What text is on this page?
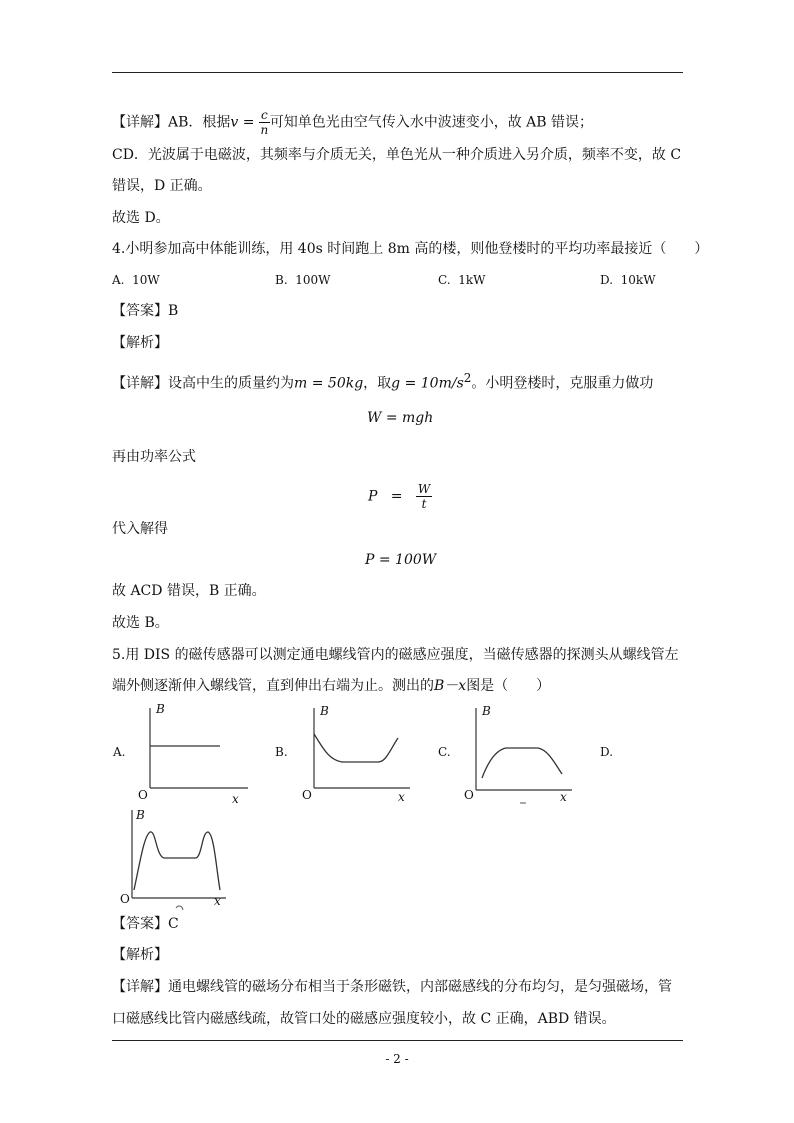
【详解】AB．根据$v = \frac{c}{n}$ 可知单色光由空气传入水中波速变小，故 AB 错误；
CD．光波属于电磁波，其频率与介质无关，单色光从一种介质进入另介质，频率不变，故 C
错误，D 正确。
故选 D。
4.小明参加高中体能训练，用 40s 时间跑上 8m 高的楼，则他登楼时的平均功率最接近（　　）
A. 10W	B. 100W	C. 1kW	D. 10kW
【答案】B
【解析】
【详解】设高中生的质量约为m = 50kg，取$g = 10m/s^2$。小明登楼时，克服重力做功
W = mgh
再由功率公式
$P = \frac{W}{t}$
代入解得
P = 100W
故 ACD 错误，B 正确。
故选 B。
5.用 DIS 的磁传感器可以测定通电螺线管内的磁感应强度，当磁传感器的探测头从螺线管左
端外侧逐渐伸入螺线管，直到伸出右端为止。测出的B－x图是（　　）
A.	B.	C.	D.
B
O	x
B
O	x
B
O	x
B
O	x
【答案】C
【解析】
【详解】通电螺线管的磁场分布相当于条形磁铁，内部磁感线的分布均匀，是匀强磁场，管
口磁感线比管内磁感线疏，故管口处的磁感应强度较小，故 C 正确，ABD 错误。
- 2 -
